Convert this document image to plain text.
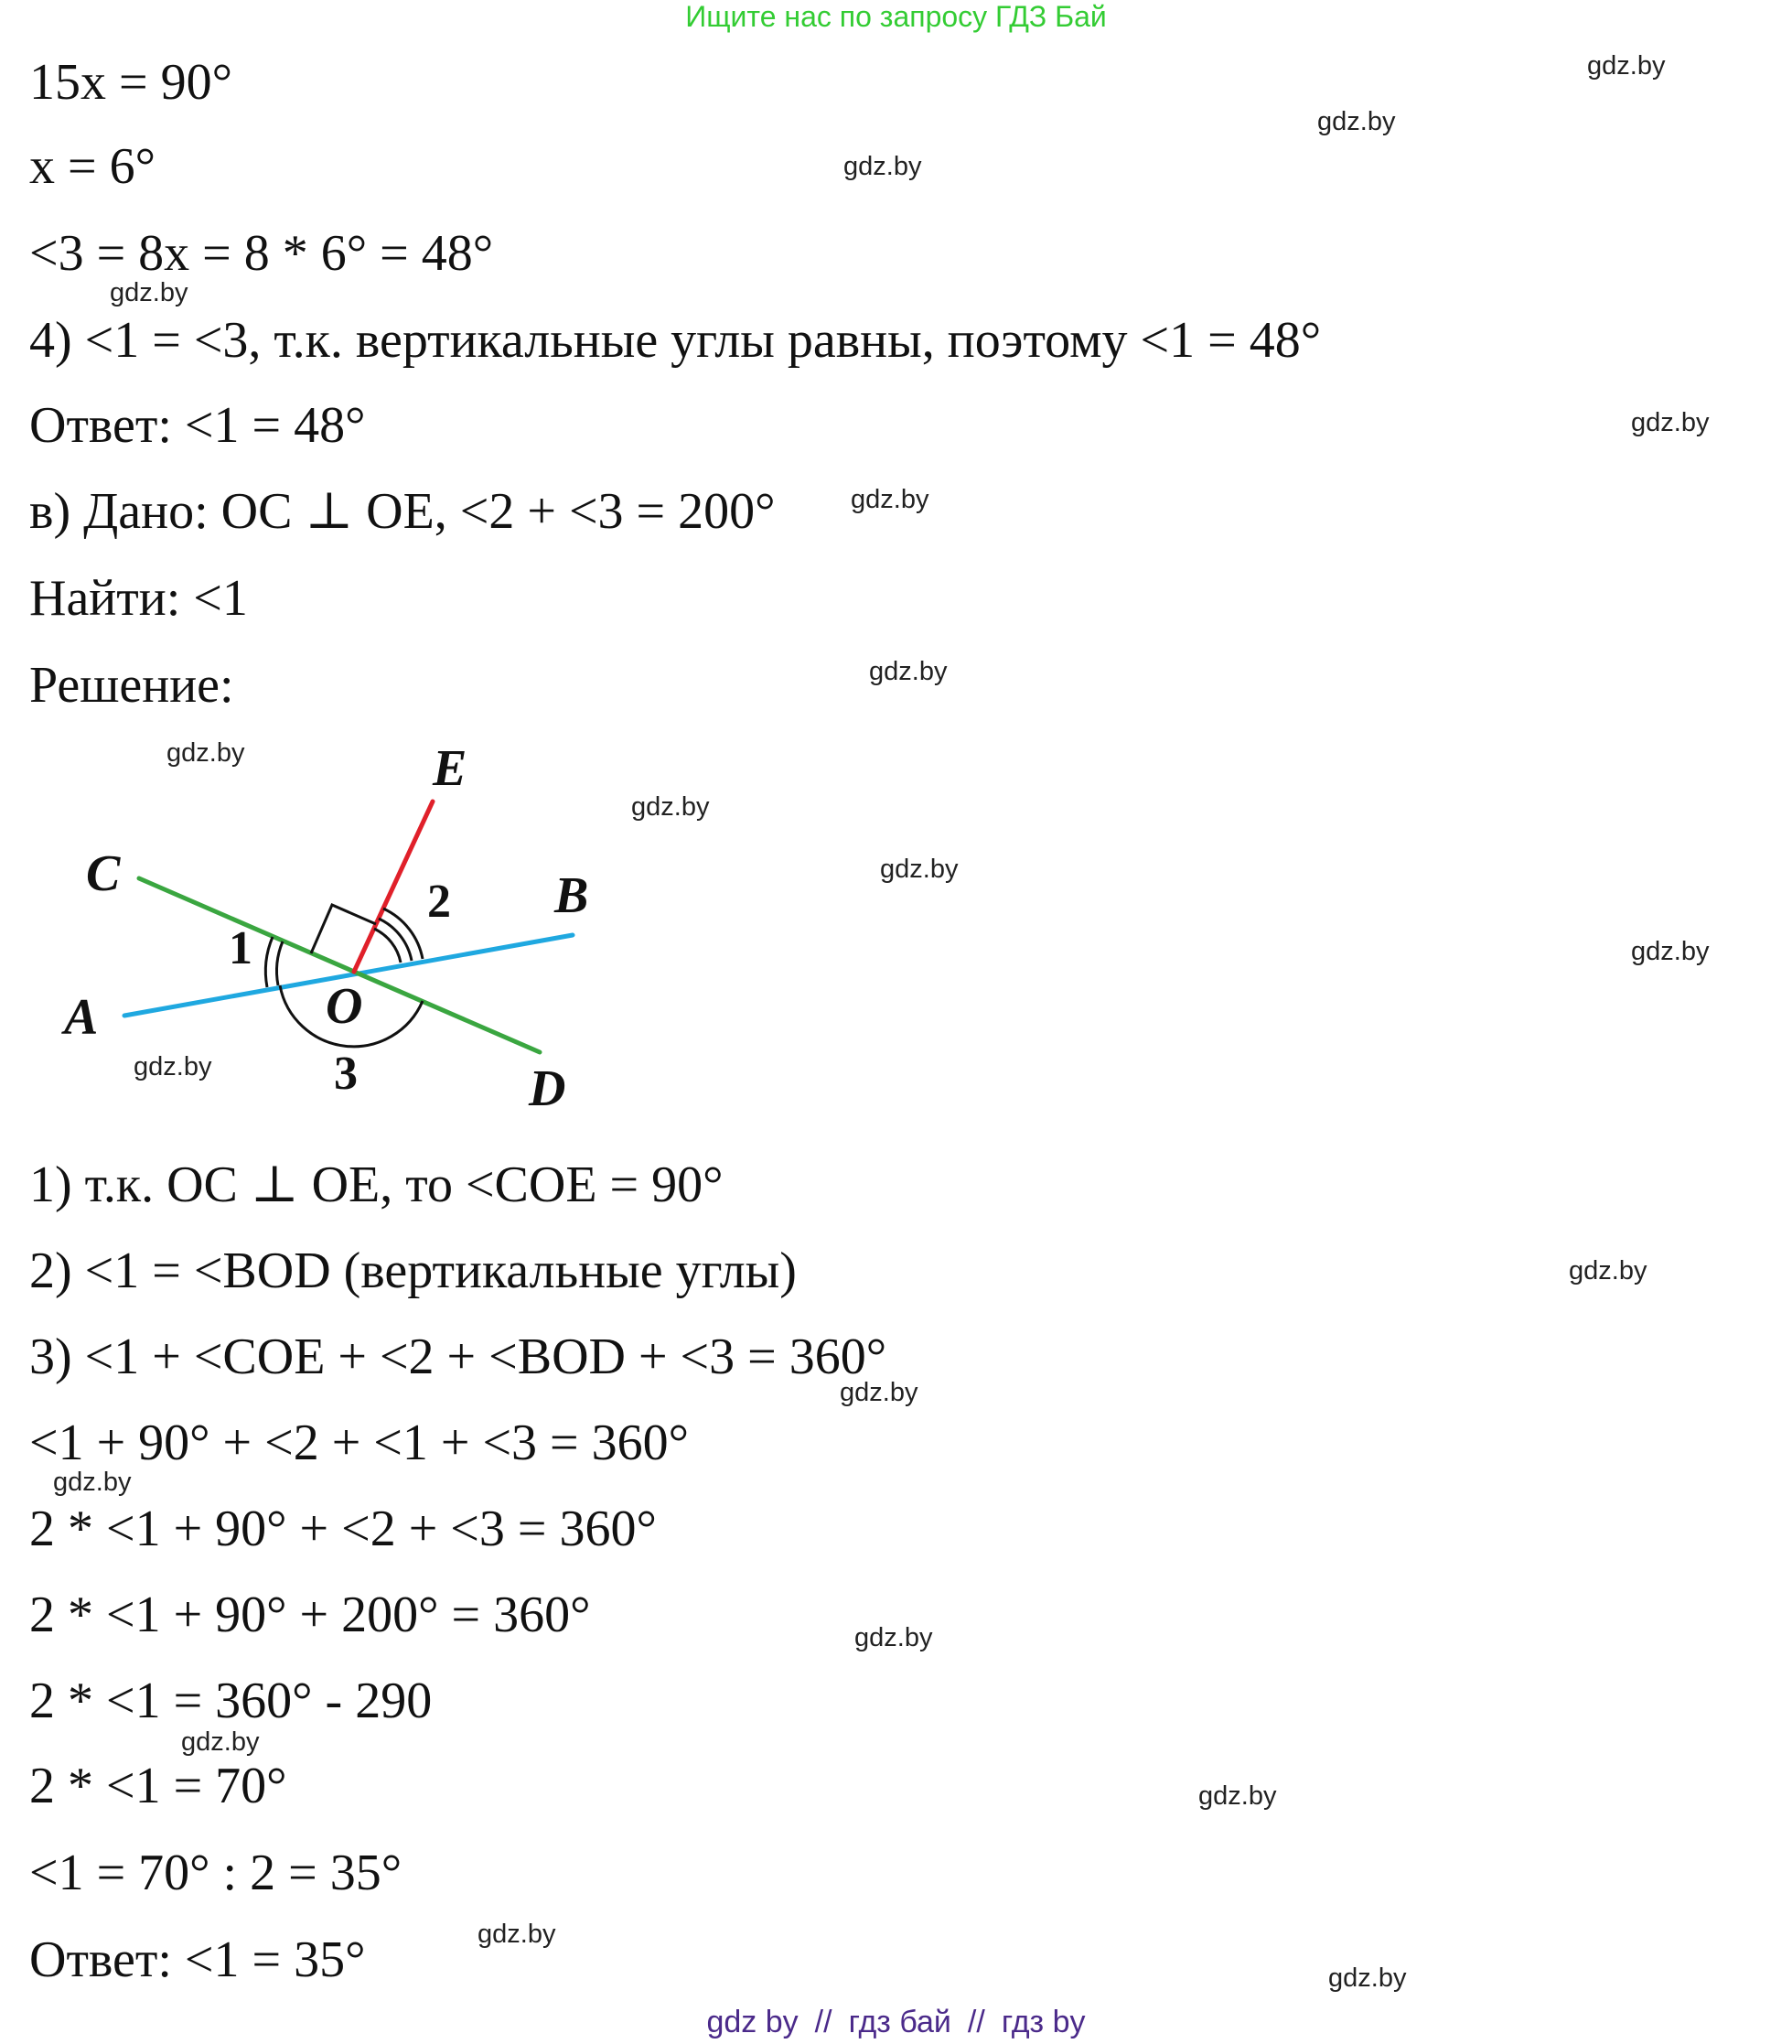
Ищите нас по запросу ГДЗ Бай
15x = 90°
x = 6°
<3 = 8x = 8 * 6° = 48°
4) <1 = <3, т.к. вертикальные углы равны, поэтому <1 = 48°
Ответ: <1 = 48°
в) Дано: OC ⊥ OE, <2 + <3 = 200°
Найти: <1
Решение:
E
C	B
A	O
D
2
1
3
1) т.к. OC ⊥ OE, то <COE = 90°
2) <1 = <BOD (вертикальные углы)
3) <1 + <COE + <2 + <BOD + <3 = 360°
<1 + 90° + <2 + <1 + <3 = 360°
2 * <1 + 90° + <2 + <3 = 360°
2 * <1 + 90° + 200° = 360°
2 * <1 = 360° - 290
2 * <1 = 70°
<1 = 70° : 2 = 35°
Ответ: <1 = 35°
gdz.by
gdz.by
gdz.by
gdz.by
gdz.by
gdz.by
gdz.by
gdz.by
gdz.by
gdz.by
gdz.by
gdz.by
gdz.by
gdz.by
gdz.by
gdz.by
gdz.by
gdz.by
gdz.by
gdz.by
gdz by // гдз бай // гдз by
